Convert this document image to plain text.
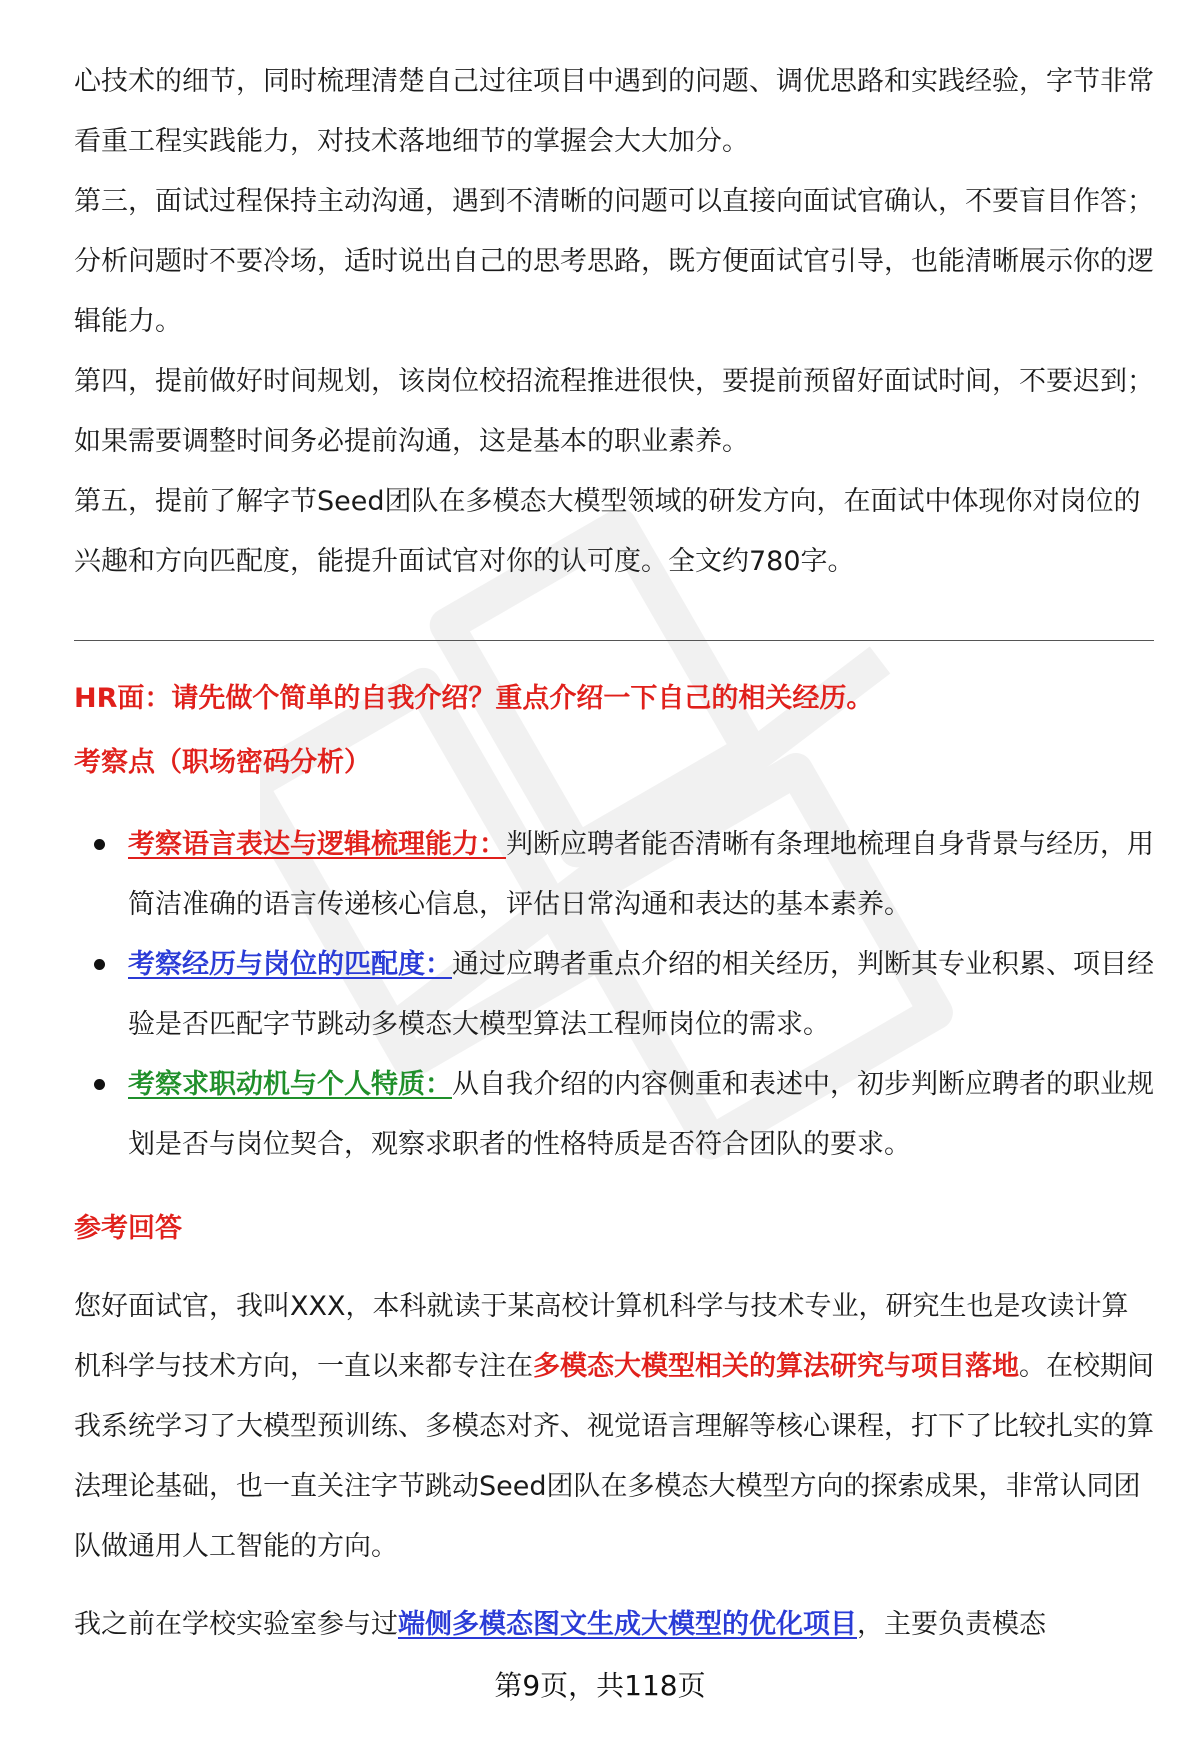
心技术的细节，同时梳理清楚自己过往项目中遇到的问题、调优思路和实践经验，字节非常看重工程实践能力，对技术落地细节的掌握会大大加分。

第三，面试过程保持主动沟通，遇到不清晰的问题可以直接向面试官确认，不要盲目作答；分析问题时不要冷场，适时说出自己的思考思路，既方便面试官引导，也能清晰展示你的逻辑能力。

第四，提前做好时间规划，该岗位校招流程推进很快，要提前预留好面试时间，不要迟到；如果需要调整时间务必提前沟通，这是基本的职业素养。

第五，提前了解字节Seed团队在多模态大模型领域的研发方向，在面试中体现你对岗位的兴趣和方向匹配度，能提升面试官对你的认可度。全文约780字。

HR面：请先做个简单的自我介绍？重点介绍一下自己的相关经历。

考察点（职场密码分析）

考察语言表达与逻辑梳理能力：判断应聘者能否清晰有条理地梳理自身背景与经历，用简洁准确的语言传递核心信息，评估日常沟通和表达的基本素养。
考察经历与岗位的匹配度：通过应聘者重点介绍的相关经历，判断其专业积累、项目经验是否匹配字节跳动多模态大模型算法工程师岗位的需求。
考察求职动机与个人特质：从自我介绍的内容侧重和表述中，初步判断应聘者的职业规划是否与岗位契合，观察求职者的性格特质是否符合团队的要求。

参考回答

您好面试官，我叫XXX，本科就读于某高校计算机科学与技术专业，研究生也是攻读计算机科学与技术方向，一直以来都专注在多模态大模型相关的算法研究与项目落地。在校期间我系统学习了大模型预训练、多模态对齐、视觉语言理解等核心课程，打下了比较扎实的算法理论基础，也一直关注字节跳动Seed团队在多模态大模型方向的探索成果，非常认同团队做通用人工智能的方向。

我之前在学校实验室参与过端侧多模态图文生成大模型的优化项目，主要负责模态

第9页，共118页
